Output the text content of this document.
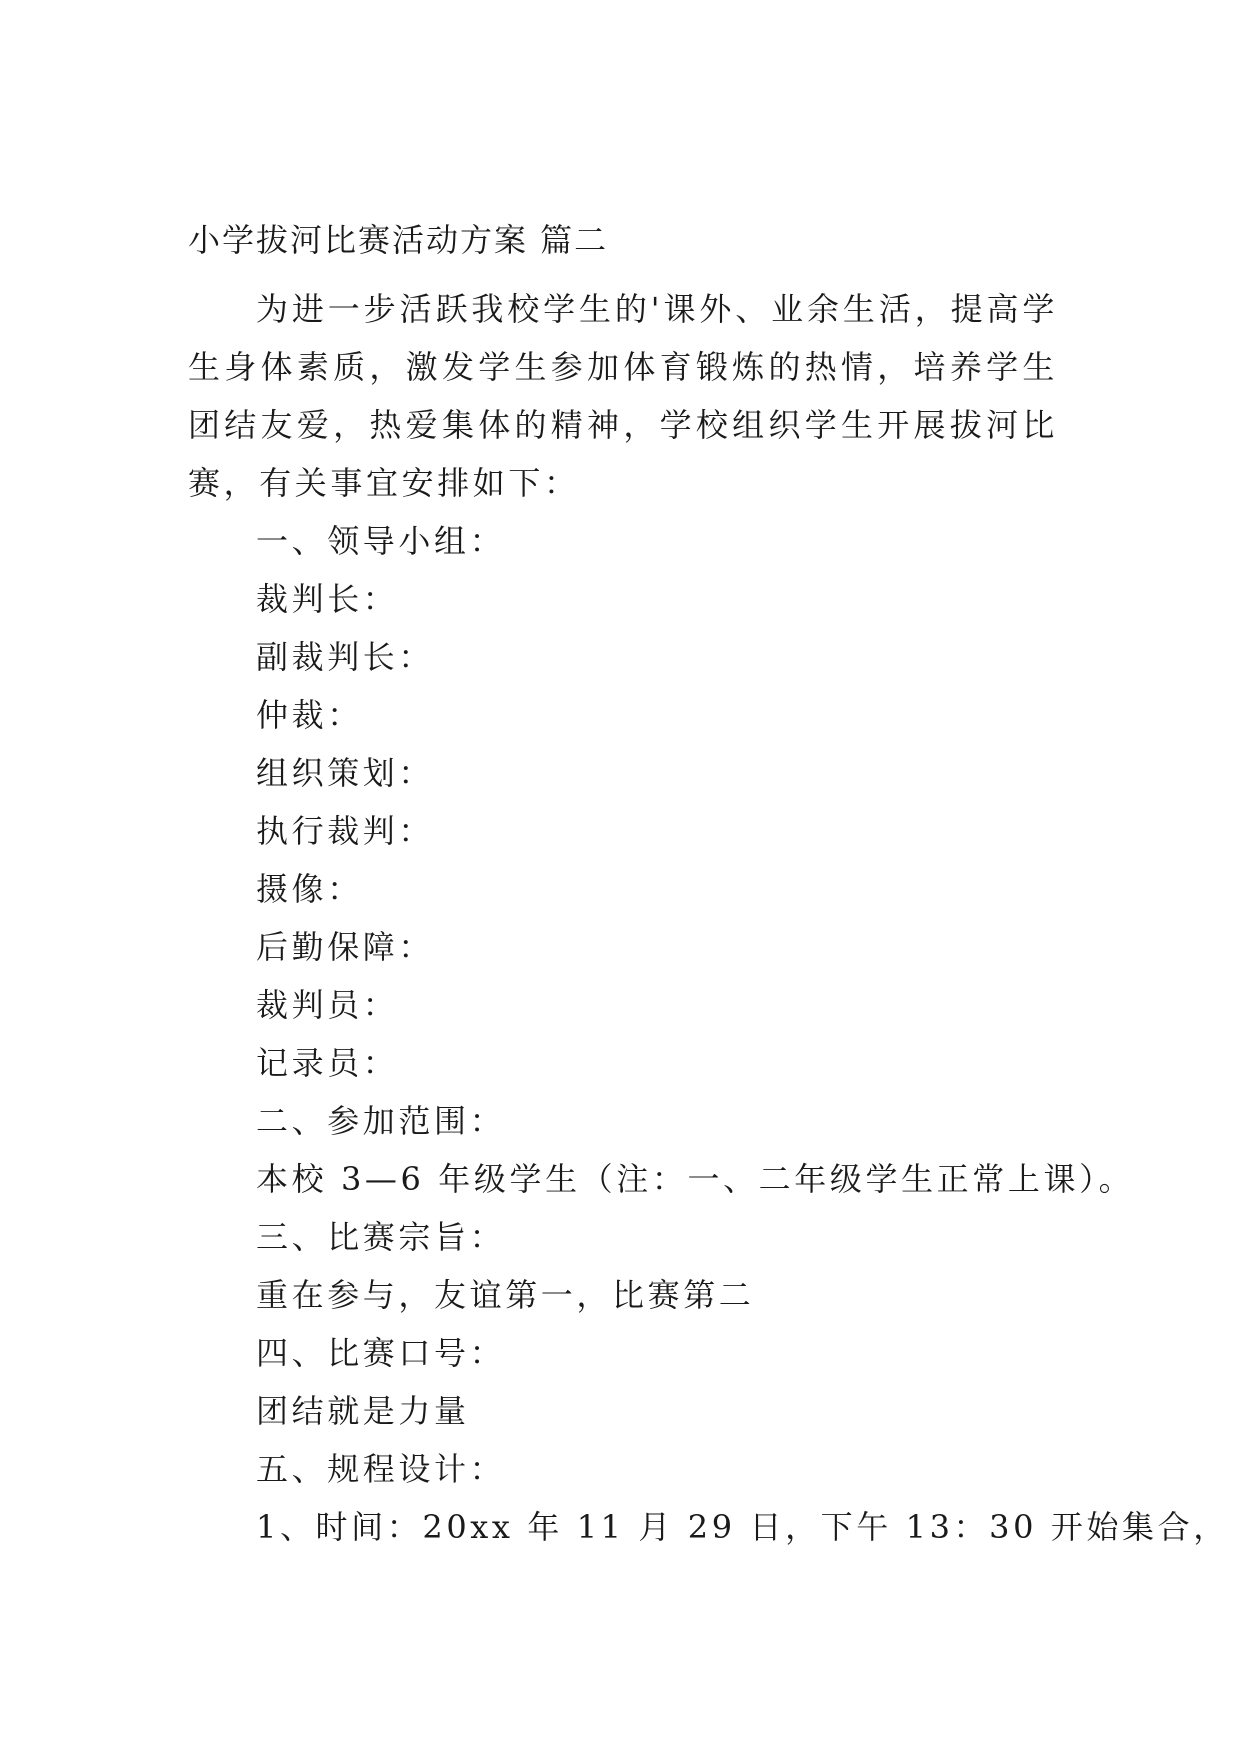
小学拔河比赛活动方案 篇二
为进一步活跃我校学生的'课外、业余生活，提高学生身体素质，激发学生参加体育锻炼的热情，培养学生团结友爱，热爱集体的精神，学校组织学生开展拔河比赛，有关事宜安排如下：
一、领导小组：
裁判长：
副裁判长：
仲裁：
组织策划：
执行裁判：
摄像：
后勤保障：
裁判员：
记录员：
二、参加范围：
本校 3—6 年级学生（注：一、二年级学生正常上课）。
三、比赛宗旨：
重在参与，友谊第一，比赛第二
四、比赛口号：
团结就是力量
五、规程设计：
1、时间：20xx 年 11 月 29 日，下午 13：30 开始集合，
